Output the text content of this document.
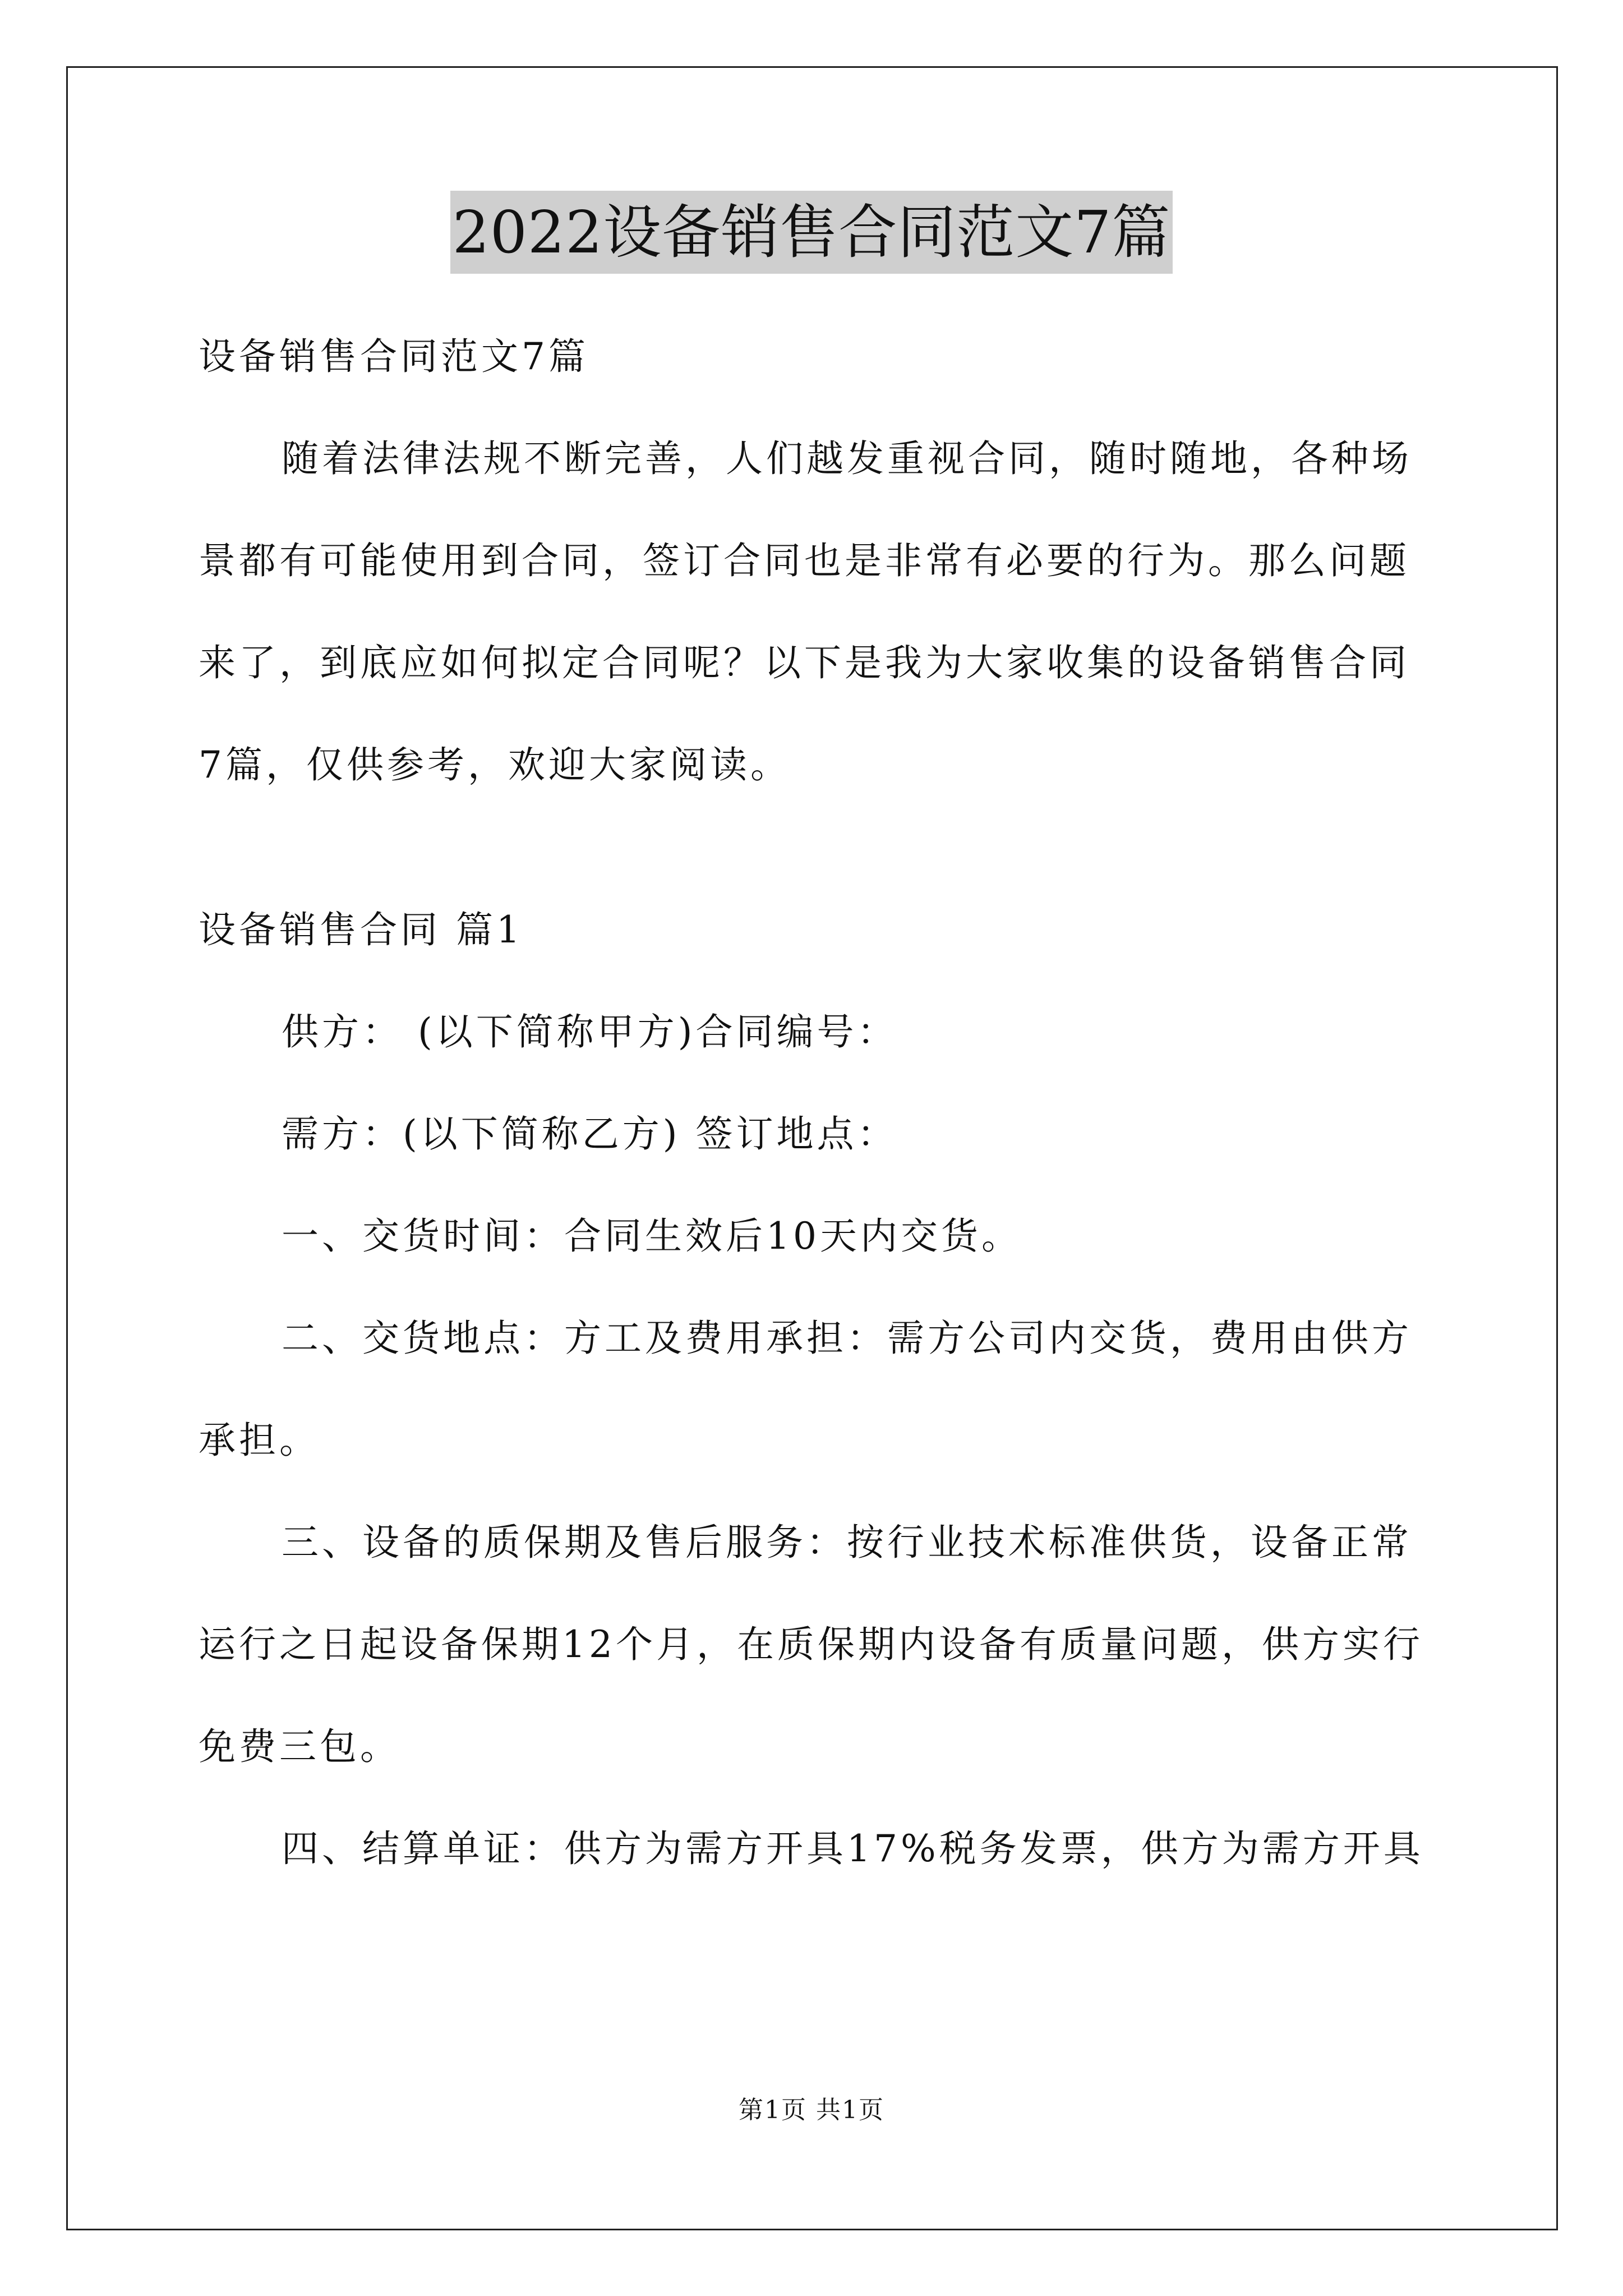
2022设备销售合同范文7篇
设备销售合同范文7篇
随着法律法规不断完善，人们越发重视合同，随时随地，各种场
景都有可能使用到合同，签订合同也是非常有必要的行为。那么问题
来了，到底应如何拟定合同呢？以下是我为大家收集的设备销售合同
7篇，仅供参考，欢迎大家阅读。
设备销售合同 篇1
供方： (以下简称甲方)合同编号：
需方：(以下简称乙方) 签订地点：
一、交货时间：合同生效后10天内交货。
二、交货地点：方工及费用承担：需方公司内交货，费用由供方
承担。
三、设备的质保期及售后服务：按行业技术标准供货，设备正常
运行之日起设备保期12个月，在质保期内设备有质量问题，供方实行
免费三包。
四、结算单证：供方为需方开具17%税务发票，供方为需方开具
第1页 共1页
